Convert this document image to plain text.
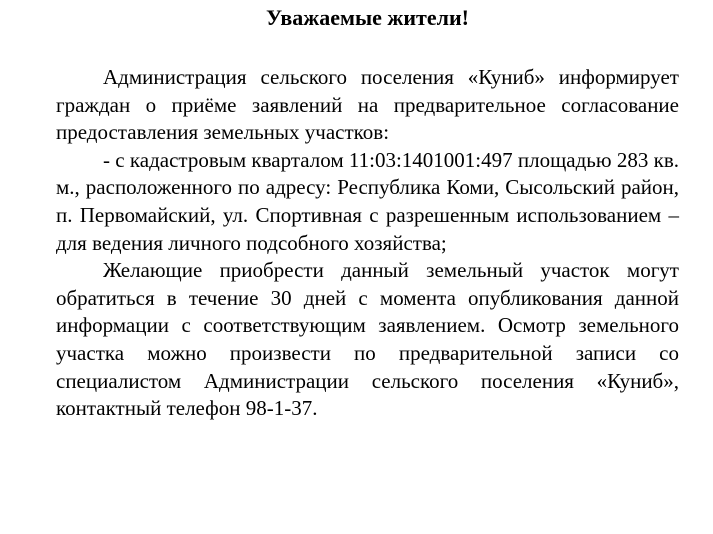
Уважаемые жители!

Администрация сельского поселения «Куниб» информирует граждан о приёме заявлений на предварительное согласование предоставления земельных участков:

- с кадастровым кварталом 11:03:1401001:497 площадью 283 кв. м., расположенного по адресу: Республика Коми, Сысольский район, п. Первомайский, ул. Спортивная с разрешенным использованием – для ведения личного подсобного хозяйства;

Желающие приобрести данный земельный участок могут обратиться в течение 30 дней с момента опубликования данной информации с соответствующим заявлением. Осмотр земельного участка можно произвести по предварительной записи со специалистом Администрации сельского поселения «Куниб», контактный телефон 98-1-37.
